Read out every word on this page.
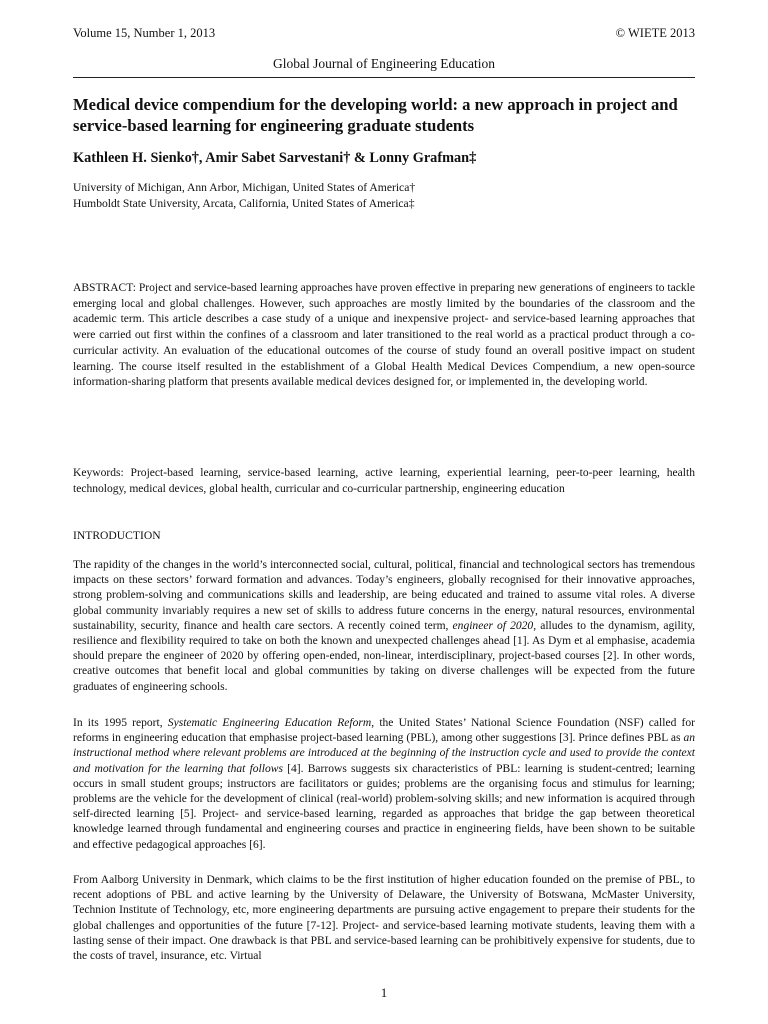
Volume 15, Number 1, 2013	© WIETE 2013
Global Journal of Engineering Education
Medical device compendium for the developing world: a new approach in project and service-based learning for engineering graduate students
Kathleen H. Sienko†, Amir Sabet Sarvestani† & Lonny Grafman‡
University of Michigan, Ann Arbor, Michigan, United States of America†
Humboldt State University, Arcata, California, United States of America‡
ABSTRACT: Project and service-based learning approaches have proven effective in preparing new generations of engineers to tackle emerging local and global challenges. However, such approaches are mostly limited by the boundaries of the classroom and the academic term. This article describes a case study of a unique and inexpensive project- and service-based learning approaches that were carried out first within the confines of a classroom and later transitioned to the real world as a practical product through a co-curricular activity. An evaluation of the educational outcomes of the course of study found an overall positive impact on student learning. The course itself resulted in the establishment of a Global Health Medical Devices Compendium, a new open-source information-sharing platform that presents available medical devices designed for, or implemented in, the developing world.
Keywords: Project-based learning, service-based learning, active learning, experiential learning, peer-to-peer learning, health technology, medical devices, global health, curricular and co-curricular partnership, engineering education
INTRODUCTION

The rapidity of the changes in the world’s interconnected social, cultural, political, financial and technological sectors has tremendous impacts on these sectors’ forward formation and advances. Today’s engineers, globally recognised for their innovative approaches, strong problem-solving and communications skills and leadership, are being educated and trained to assume vital roles. A diverse global community invariably requires a new set of skills to address future concerns in the energy, natural resources, environmental sustainability, security, finance and health care sectors. A recently coined term, engineer of 2020, alludes to the dynamism, agility, resilience and flexibility required to take on both the known and unexpected challenges ahead [1]. As Dym et al emphasise, academia should prepare the engineer of 2020 by offering open-ended, non-linear, interdisciplinary, project-based courses [2]. In other words, creative outcomes that benefit local and global communities by taking on diverse challenges will be expected from the future graduates of engineering schools.

In its 1995 report, Systematic Engineering Education Reform, the United States’ National Science Foundation (NSF) called for reforms in engineering education that emphasise project-based learning (PBL), among other suggestions [3]. Prince defines PBL as an instructional method where relevant problems are introduced at the beginning of the instruction cycle and used to provide the context and motivation for the learning that follows [4]. Barrows suggests six characteristics of PBL: learning is student-centred; learning occurs in small student groups; instructors are facilitators or guides; problems are the organising focus and stimulus for learning; problems are the vehicle for the development of clinical (real-world) problem-solving skills; and new information is acquired through self-directed learning [5]. Project- and service-based learning, regarded as approaches that bridge the gap between theoretical knowledge learned through fundamental and engineering courses and practice in engineering fields, have been shown to be suitable and effective pedagogical approaches [6].

From Aalborg University in Denmark, which claims to be the first institution of higher education founded on the premise of PBL, to recent adoptions of PBL and active learning by the University of Delaware, the University of Botswana, McMaster University, Technion Institute of Technology, etc, more engineering departments are pursuing active engagement to prepare their students for the global challenges and opportunities of the future [7-12]. Project- and service-based learning motivate students, leaving them with a lasting sense of their impact. One drawback is that PBL and service-based learning can be prohibitively expensive for students, due to the costs of travel, insurance, etc. Virtual

1
